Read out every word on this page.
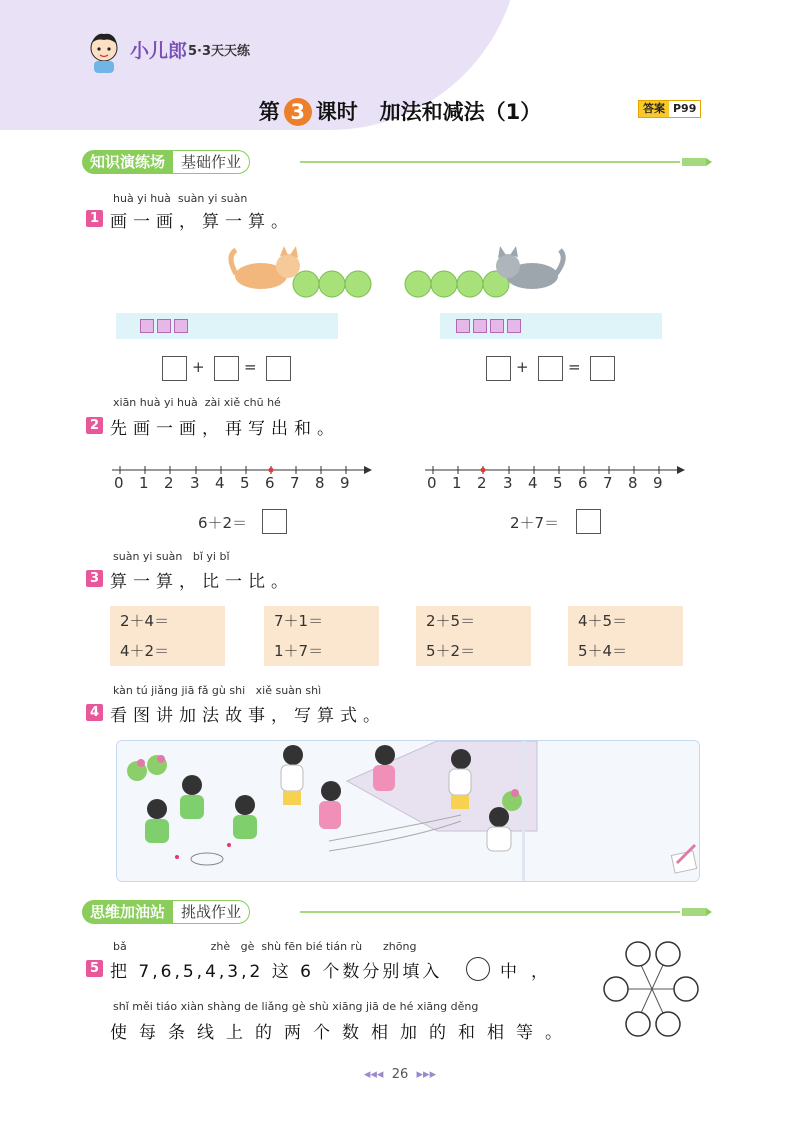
小儿郎 5·3天天练
第 3 课时 加法和减法（1）	答案 P99
知识演练场 基础作业
huà yi huà  suàn yi suàn
1 画一画，算一算。
+	=	+	=
xiān huà yi huà  zài xiě chū hé
2 先画一画，再写出和。
0 1 2 3 4 5 6 7 8 9	0 1 2 3 4 5 6 7 8 9
6＋2＝	2＋7＝
suàn yi suàn   bǐ yi bǐ
3 算一算，比一比。
2＋4＝
4＋2＝
7＋1＝
1＋7＝
2＋5＝
5＋2＝
4＋5＝
5＋4＝
kàn tú jiǎng jiā fǎ gù shi   xiě suàn shì
4 看图讲加法故事，写算式。
思维加油站 挑战作业
bǎ                        zhè   gè  shù fēn bié tián rù      zhōng
5 把 7,6,5,4,3,2 这 6 个数分别填入	中，
shǐ měi tiáo xiàn shàng de liǎng gè shù xiāng jiā de hé xiāng děng
使每条线上的两个数相加的和相等。
◂◂◂ 26 ▸▸▸
